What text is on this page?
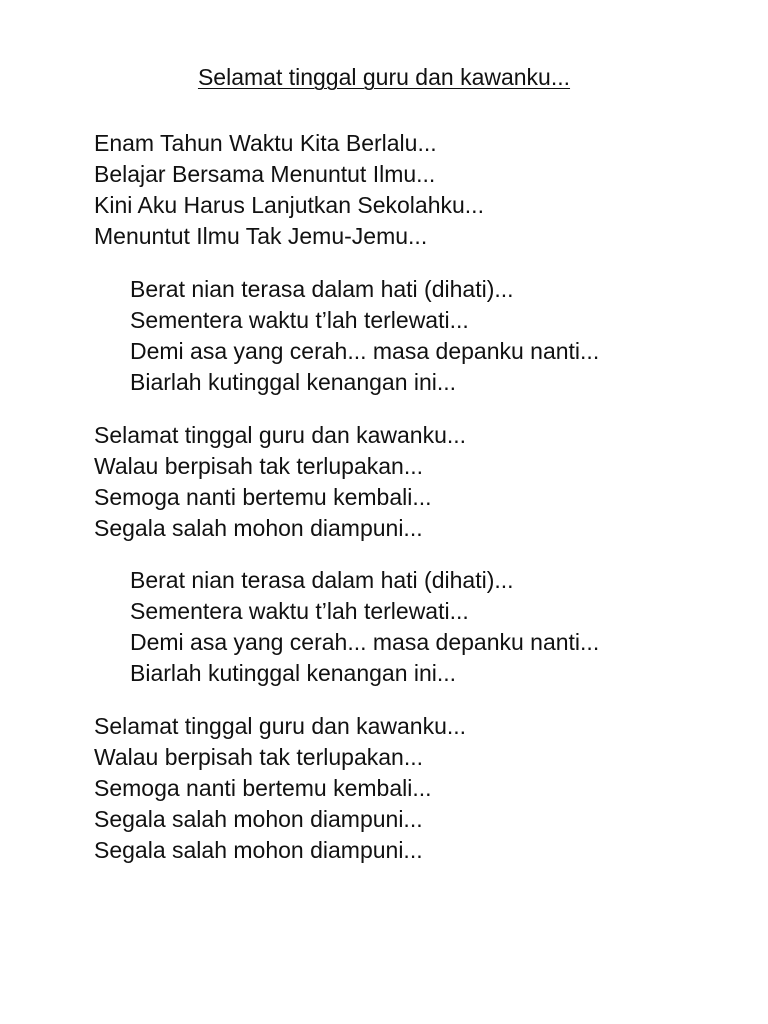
Selamat tinggal guru dan kawanku...
Enam Tahun Waktu Kita Berlalu...
Belajar Bersama Menuntut Ilmu...
Kini Aku Harus Lanjutkan Sekolahku...
Menuntut Ilmu Tak Jemu-Jemu...
Berat nian terasa dalam hati (dihati)...
Sementera waktu t’lah terlewati...
Demi asa yang cerah... masa depanku nanti...
Biarlah kutinggal kenangan ini...
Selamat tinggal guru dan kawanku...
Walau berpisah tak terlupakan...
Semoga nanti bertemu kembali...
Segala salah mohon diampuni...
Berat nian terasa dalam hati (dihati)...
Sementera waktu t’lah terlewati...
Demi asa yang cerah... masa depanku nanti...
Biarlah kutinggal kenangan ini...
Selamat tinggal guru dan kawanku...
Walau berpisah tak terlupakan...
Semoga nanti bertemu kembali...
Segala salah mohon diampuni...
Segala salah mohon diampuni...
